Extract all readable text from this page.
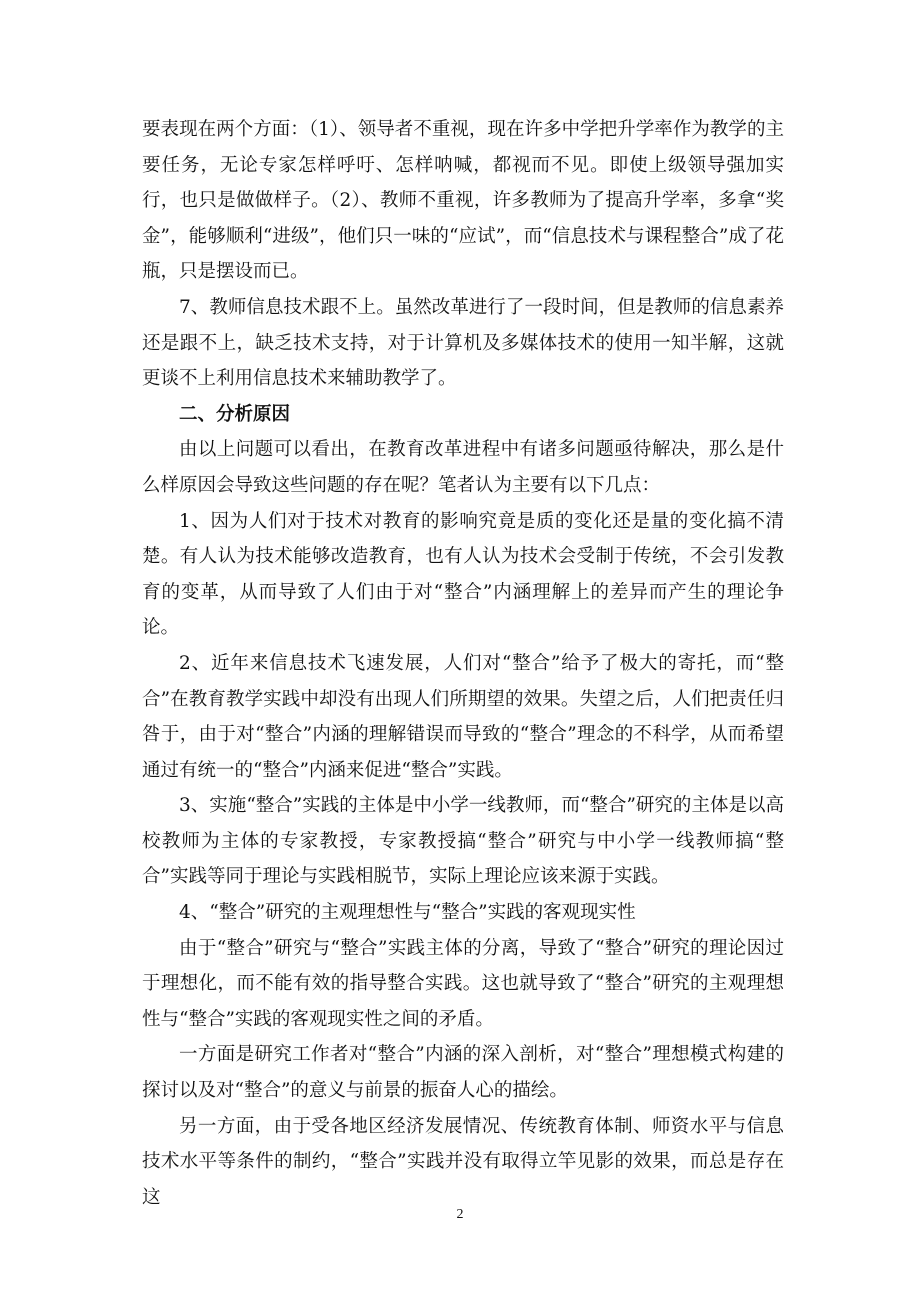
要表现在两个方面：（1）、领导者不重视，现在许多中学把升学率作为教学的主要任务，无论专家怎样呼吁、怎样呐喊，都视而不见。即使上级领导强加实行，也只是做做样子。（2）、教师不重视，许多教师为了提高升学率，多拿“奖金”，能够顺利“进级”，他们只一味的“应试”，而“信息技术与课程整合”成了花瓶，只是摆设而已。

7、教师信息技术跟不上。虽然改革进行了一段时间，但是教师的信息素养还是跟不上，缺乏技术支持，对于计算机及多媒体技术的使用一知半解，这就更谈不上利用信息技术来辅助教学了。

二、分析原因

由以上问题可以看出，在教育改革进程中有诸多问题亟待解决，那么是什么样原因会导致这些问题的存在呢？笔者认为主要有以下几点：

1、因为人们对于技术对教育的影响究竟是质的变化还是量的变化搞不清楚。有人认为技术能够改造教育，也有人认为技术会受制于传统，不会引发教育的变革，从而导致了人们由于对“整合”内涵理解上的差异而产生的理论争论。

2、近年来信息技术飞速发展，人们对“整合”给予了极大的寄托，而“整合”在教育教学实践中却没有出现人们所期望的效果。失望之后，人们把责任归咎于，由于对“整合”内涵的理解错误而导致的“整合”理念的不科学，从而希望通过有统一的“整合”内涵来促进“整合”实践。

3、实施“整合”实践的主体是中小学一线教师，而“整合”研究的主体是以高校教师为主体的专家教授，专家教授搞“整合”研究与中小学一线教师搞“整合”实践等同于理论与实践相脱节，实际上理论应该来源于实践。

4、“整合”研究的主观理想性与“整合”实践的客观现实性

由于“整合”研究与“整合”实践主体的分离，导致了“整合”研究的理论因过于理想化，而不能有效的指导整合实践。这也就导致了“整合”研究的主观理想性与“整合”实践的客观现实性之间的矛盾。

一方面是研究工作者对“整合”内涵的深入剖析，对“整合”理想模式构建的探讨以及对“整合”的意义与前景的振奋人心的描绘。

另一方面，由于受各地区经济发展情况、传统教育体制、师资水平与信息技术水平等条件的制约，“整合”实践并没有取得立竿见影的效果，而总是存在这

2
